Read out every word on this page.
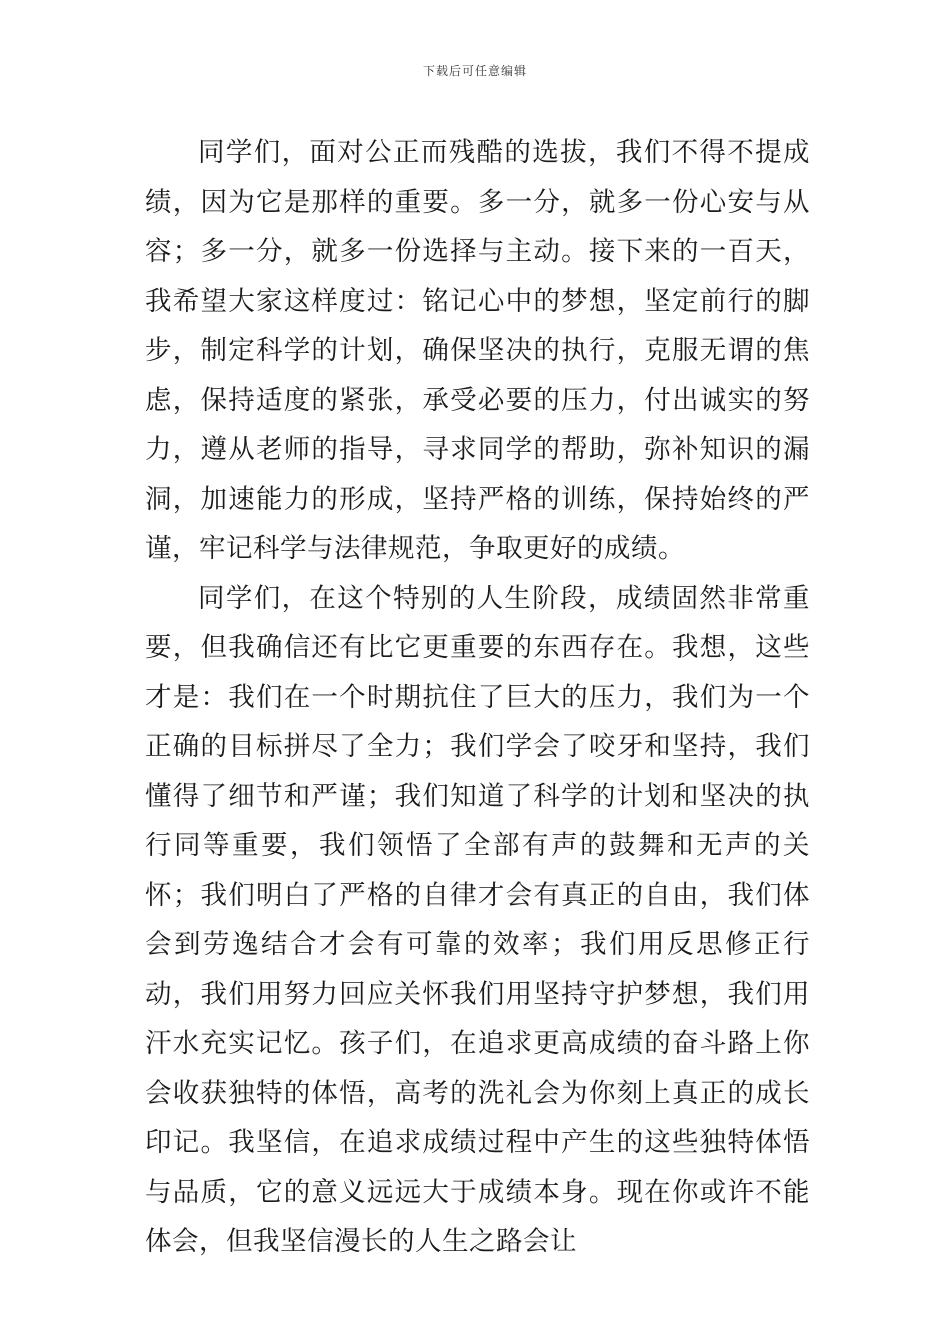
下载后可任意编辑

同学们，面对公正而残酷的选拔，我们不得不提成绩，因为它是那样的重要。多一分，就多一份心安与从容；多一分，就多一份选择与主动。接下来的一百天，我希望大家这样度过：铭记心中的梦想，坚定前行的脚步，制定科学的计划，确保坚决的执行，克服无谓的焦虑，保持适度的紧张，承受必要的压力，付出诚实的努力，遵从老师的指导，寻求同学的帮助，弥补知识的漏洞，加速能力的形成，坚持严格的训练，保持始终的严谨，牢记科学与法律规范，争取更好的成绩。

同学们，在这个特别的人生阶段，成绩固然非常重要，但我确信还有比它更重要的东西存在。我想，这些才是：我们在一个时期抗住了巨大的压力，我们为一个正确的目标拼尽了全力；我们学会了咬牙和坚持，我们懂得了细节和严谨；我们知道了科学的计划和坚决的执行同等重要，我们领悟了全部有声的鼓舞和无声的关怀；我们明白了严格的自律才会有真正的自由，我们体会到劳逸结合才会有可靠的效率；我们用反思修正行动，我们用努力回应关怀我们用坚持守护梦想，我们用汗水充实记忆。孩子们，在追求更高成绩的奋斗路上你会收获独特的体悟，高考的洗礼会为你刻上真正的成长印记。我坚信，在追求成绩过程中产生的这些独特体悟与品质，它的意义远远大于成绩本身。现在你或许不能体会，但我坚信漫长的人生之路会让
